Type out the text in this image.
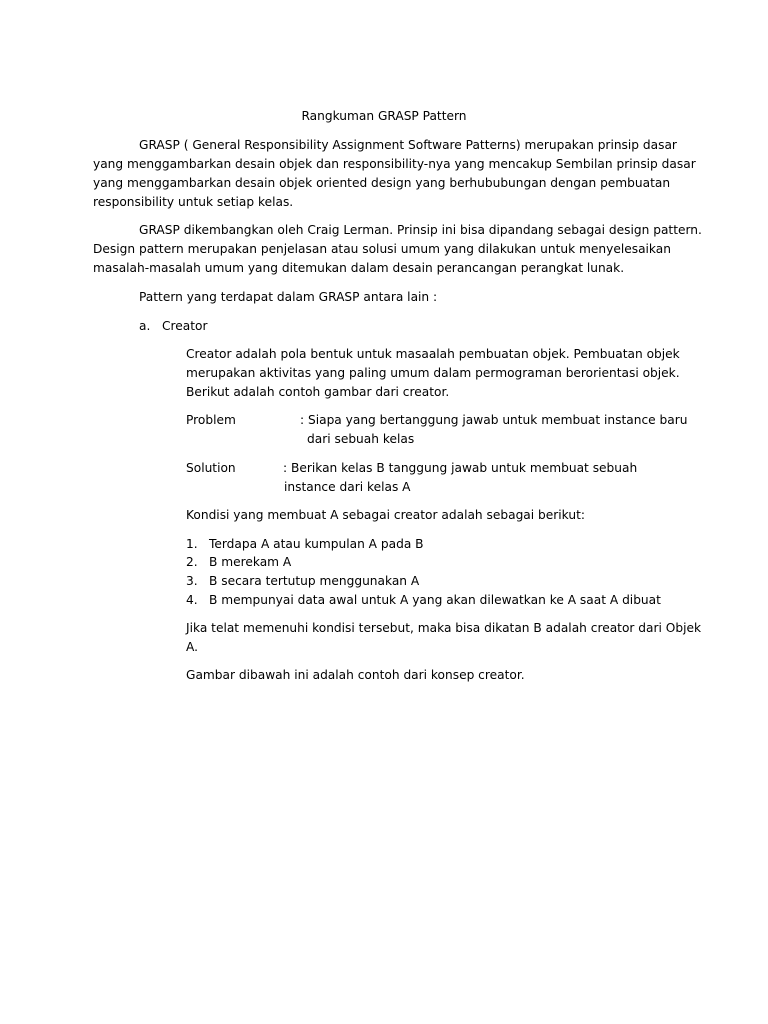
Rangkuman GRASP Pattern
GRASP ( General Responsibility Assignment Software Patterns) merupakan prinsip dasar
yang menggambarkan desain objek dan responsibility-nya yang mencakup Sembilan prinsip dasar
yang menggambarkan desain objek oriented design yang berhububungan dengan pembuatan
responsibility untuk setiap kelas.
GRASP dikembangkan oleh Craig Lerman. Prinsip ini bisa dipandang sebagai design pattern.
Design pattern merupakan penjelasan atau solusi umum yang dilakukan untuk menyelesaikan
masalah-masalah umum yang ditemukan dalam desain perancangan perangkat lunak.
Pattern yang terdapat dalam GRASP antara lain :
a. Creator
Creator adalah pola bentuk untuk masaalah pembuatan objek. Pembuatan objek
merupakan aktivitas yang paling umum dalam permograman berorientasi objek.
Berikut adalah contoh gambar dari creator.
Problem	: Siapa yang bertanggung jawab untuk membuat instance baru
dari sebuah kelas
Solution	: Berikan kelas B tanggung jawab untuk membuat sebuah
instance dari kelas A
Kondisi yang membuat A sebagai creator adalah sebagai berikut:
1. Terdapa A atau kumpulan A pada B
2. B merekam A
3. B secara tertutup menggunakan A
4. B mempunyai data awal untuk A yang akan dilewatkan ke A saat A dibuat
Jika telat memenuhi kondisi tersebut, maka bisa dikatan B adalah creator dari Objek
A.
Gambar dibawah ini adalah contoh dari konsep creator.
